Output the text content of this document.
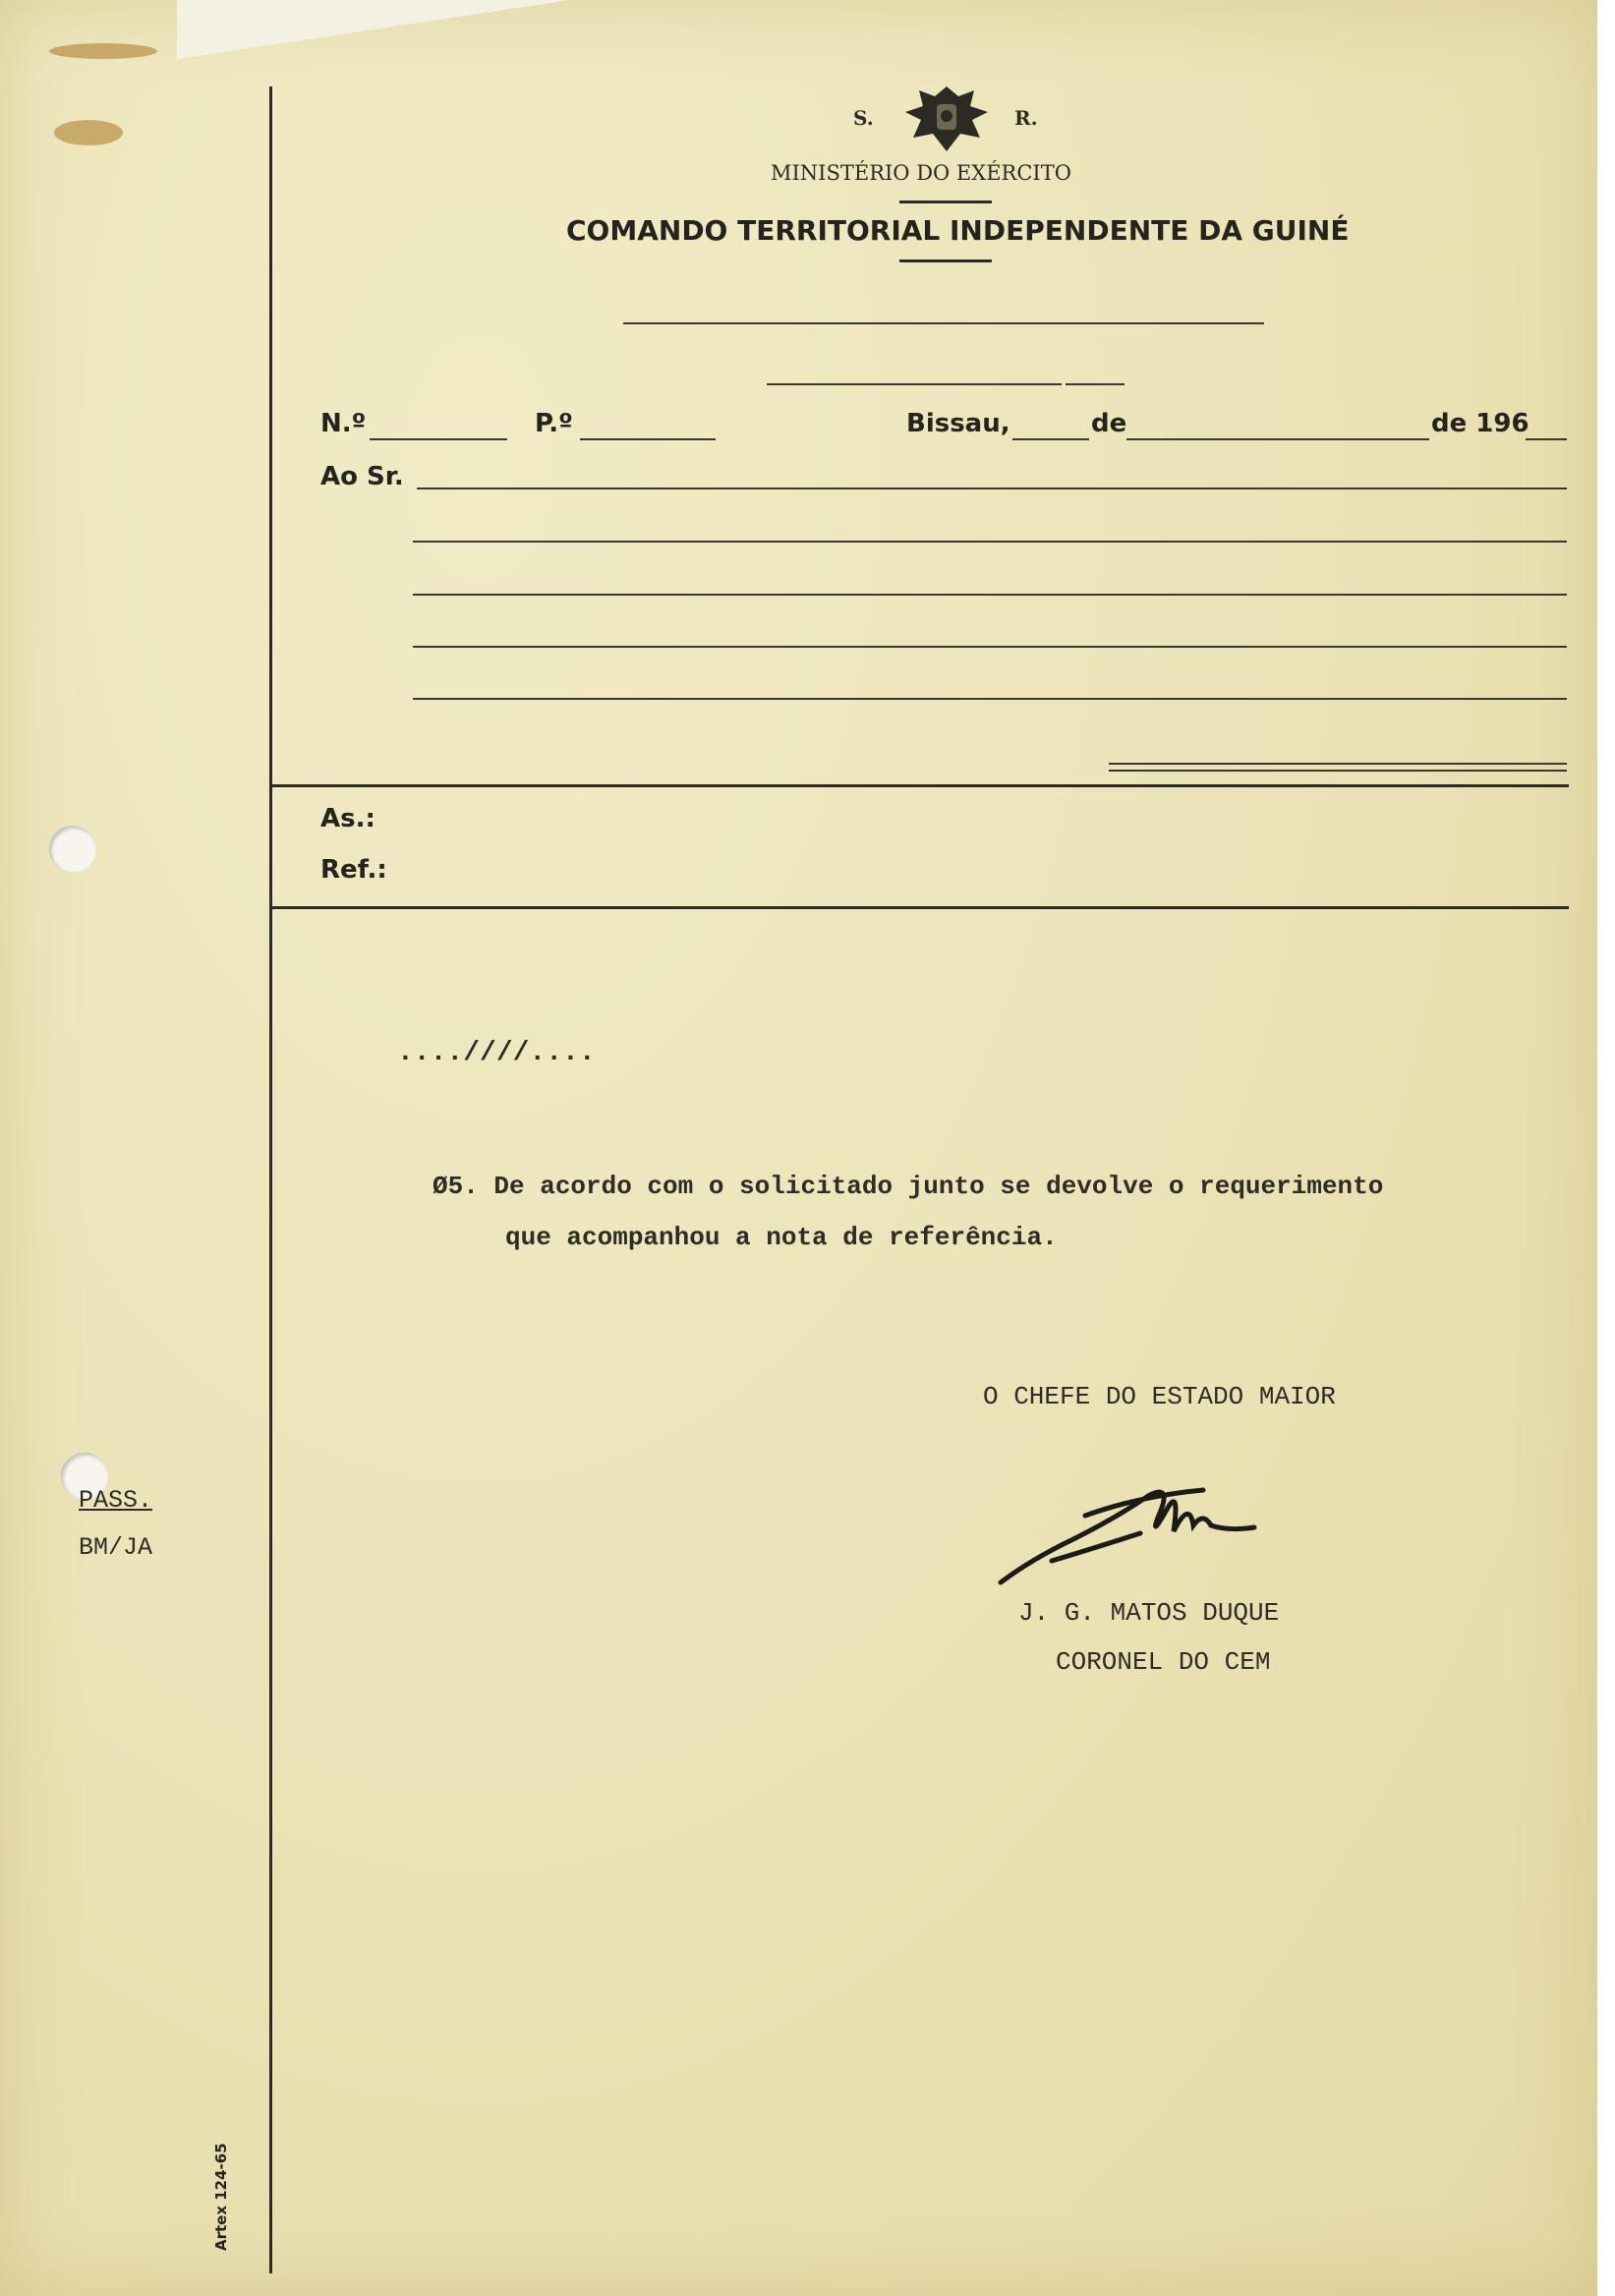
S.	R.
MINISTÉRIO DO EXÉRCITO
COMANDO TERRITORIAL INDEPENDENTE DA GUINÉ
N.º	P.º	Bissau,	de	de 196
Ao Sr.
As.:
Ref.:
....////....
Ø5. De acordo com o solicitado junto se devolve o requerimento
que acompanhou a nota de referência.
O CHEFE DO ESTADO MAIOR
J. G. MATOS DUQUE
CORONEL DO CEM
PASS.
BM/JA
Artex 124-65
